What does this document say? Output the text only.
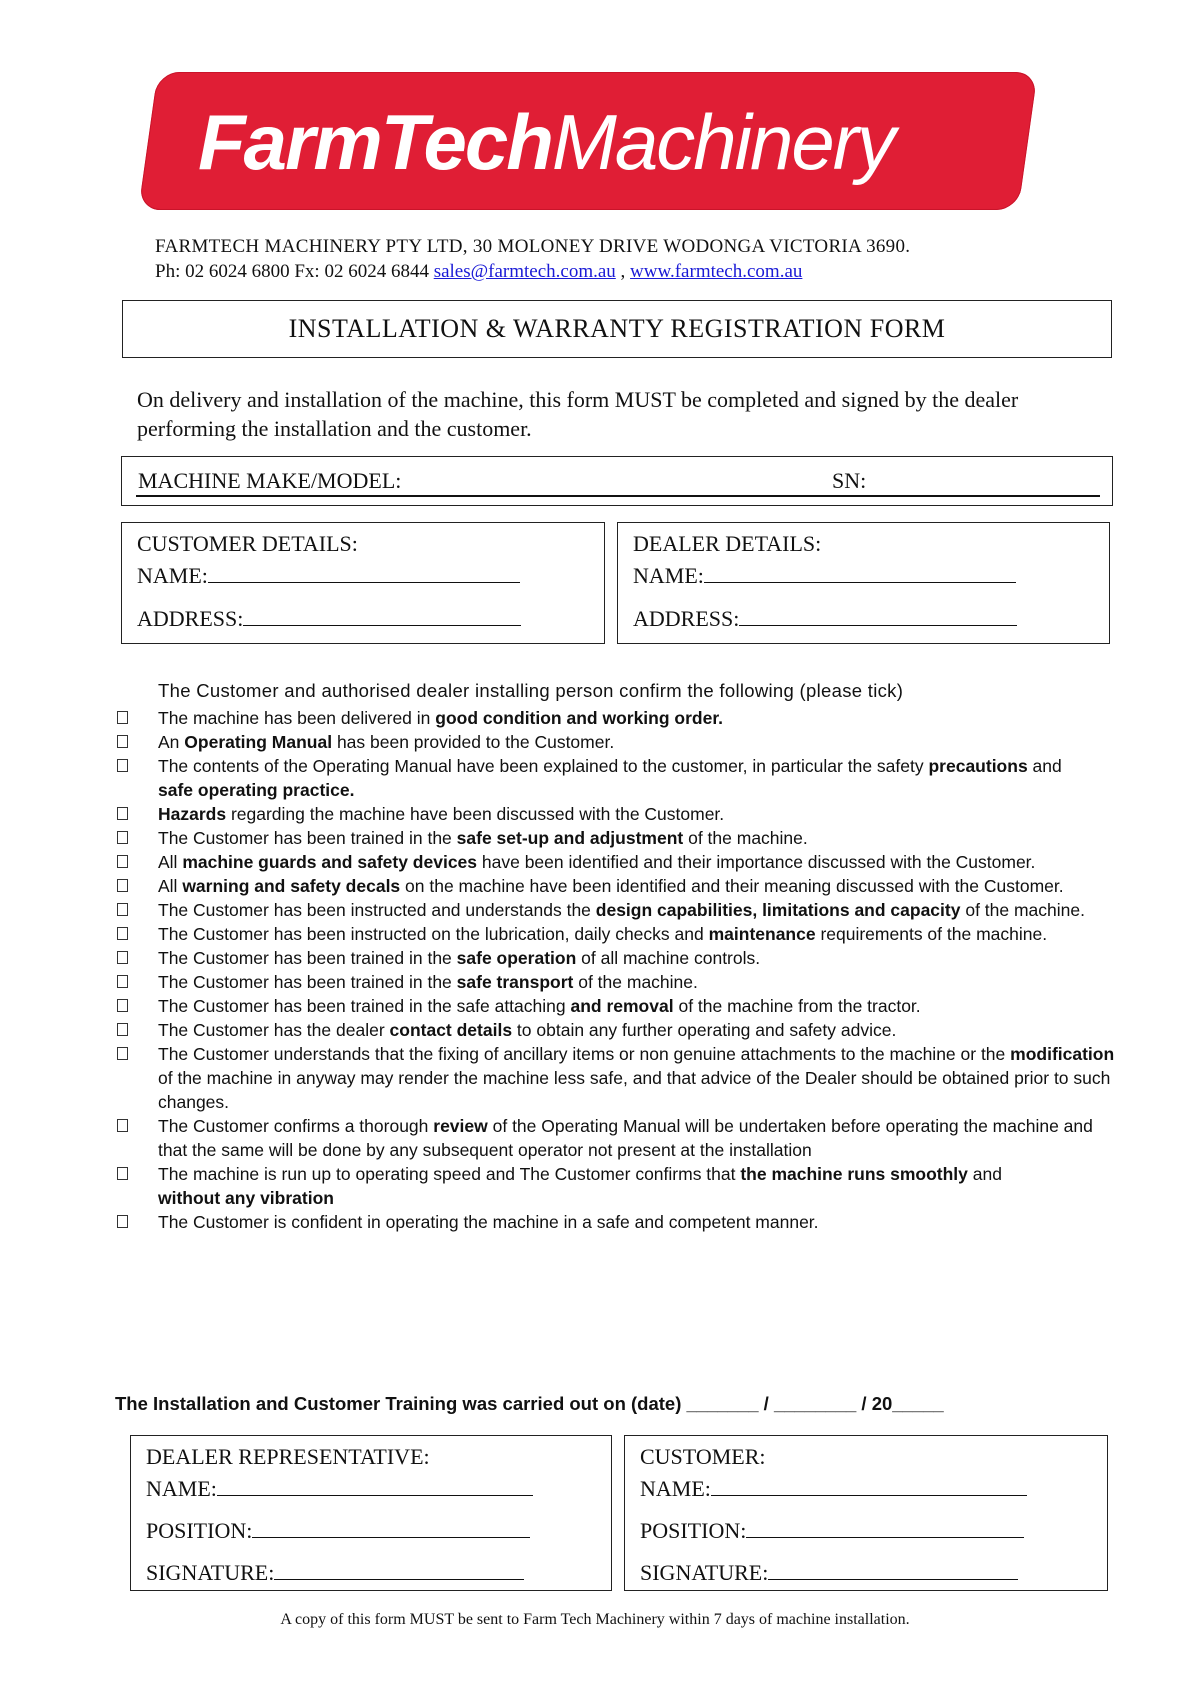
FarmTechMachinery
FARMTECH MACHINERY PTY LTD, 30 MOLONEY DRIVE WODONGA VICTORIA 3690.
Ph: 02 6024 6800 Fx: 02 6024 6844 sales@farmtech.com.au , www.farmtech.com.au
INSTALLATION & WARRANTY REGISTRATION FORM
On delivery and installation of the machine, this form MUST be completed and signed by the dealer performing the installation and the customer.
MACHINE MAKE/MODEL:	SN:
CUSTOMER DETAILS:
NAME:
ADDRESS:
DEALER DETAILS:
NAME:
ADDRESS:
The Customer and authorised dealer installing person confirm the following (please tick)
The machine has been delivered in good condition and working order.
An Operating Manual has been provided to the Customer.
The contents of the Operating Manual have been explained to the customer, in particular the safety precautions and
safe operating practice.
Hazards regarding the machine have been discussed with the Customer.
The Customer has been trained in the safe set-up and adjustment of the machine.
All machine guards and safety devices have been identified and their importance discussed with the Customer.
All warning and safety decals on the machine have been identified and their meaning discussed with the Customer.
The Customer has been instructed and understands the design capabilities, limitations and capacity of the machine.
The Customer has been instructed on the lubrication, daily checks and maintenance requirements of the machine.
The Customer has been trained in the safe operation of all machine controls.
The Customer has been trained in the safe transport of the machine.
The Customer has been trained in the safe attaching and removal of the machine from the tractor.
The Customer has the dealer contact details to obtain any further operating and safety advice.
The Customer understands that the fixing of ancillary items or non genuine attachments to the machine or the modification of the machine in anyway may render the machine less safe, and that advice of the Dealer should be obtained prior to such changes.
The Customer confirms a thorough review of the Operating Manual will be undertaken before operating the machine and that the same will be done by any subsequent operator not present at the installation
The machine is run up to operating speed and The Customer confirms that the machine runs smoothly and
without any vibration
The Customer is confident in operating the machine in a safe and competent manner.
The Installation and Customer Training was carried out on (date) _______ / ________ / 20_____
DEALER REPRESENTATIVE:
NAME:
POSITION:
SIGNATURE:
CUSTOMER:
NAME:
POSITION:
SIGNATURE:
A copy of this form MUST be sent to Farm Tech Machinery within 7 days of machine installation.
